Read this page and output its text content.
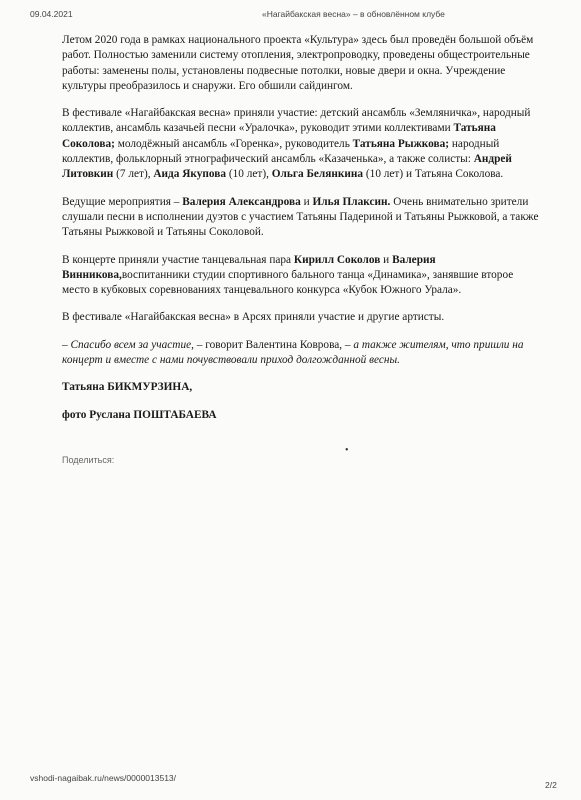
09.04.2021	«Нагайбакская весна» – в обновлённом клубе

Летом 2020 года в рамках национального проекта «Культура» здесь был проведён большой объём работ. Полностью заменили систему отопления, электропроводку, проведены общестроительные работы: заменены полы, установлены подвесные потолки, новые двери и окна. Учреждение культуры преобразилось и снаружи. Его обшили сайдингом.

В фестивале «Нагайбакская весна» приняли участие: детский ансамбль «Земляничка», народный коллектив, ансамбль казачьей песни «Уралочка», руководит этими коллективами Татьяна Соколова; молодёжный ансамбль «Горенка», руководитель Татьяна Рыжкова; народный коллектив, фольклорный этнографический ансамбль «Казаченька», а также солисты: Андрей Литовкин (7 лет), Аида Якупова (10 лет), Ольга Белянкина (10 лет) и Татьяна Соколова.

Ведущие мероприятия – Валерия Александрова и Илья Плаксин. Очень внимательно зрители слушали песни в исполнении дуэтов с участием Татьяны Падериной и Татьяны Рыжковой, а также Татьяны Рыжковой и Татьяны Соколовой.

В концерте приняли участие танцевальная пара Кирилл Соколов и Валерия Винникова,воспитанники студии спортивного бального танца «Динамика», занявшие второе место в кубковых соревнованиях танцевального конкурса «Кубок Южного Урала».

В фестивале «Нагайбакская весна» в Арсях приняли участие и другие артисты.

– Спасибо всем за участие, – говорит Валентина Коврова, – а также жителям, что пришли на концерт и вместе с нами почувствовали приход долгожданной весны.

Татьяна БИКМУРЗИНА,

фото Руслана ПОШТАБАЕВА

•
Поделиться:
vshodi-nagaibak.ru/news/0000013513/
2/2
